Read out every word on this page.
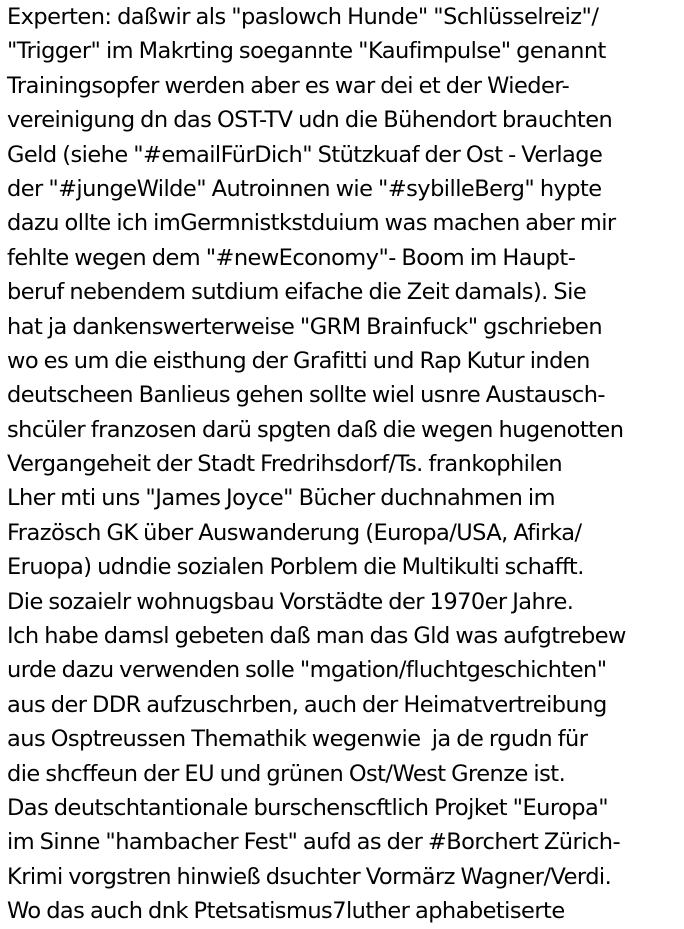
Experten: daßwir als "paslowch Hunde" "Schlüsselreiz"/
"Trigger" im Makrting soegannte "Kaufimpulse" genannt
Trainingsopfer werden aber es war dei et der Wieder-
vereinigung dn das OST-TV udn die Bühendort brauchten
Geld (siehe "#emailFürDich" Stützkuaf der Ost - Verlage
der "#jungeWilde" Autroinnen wie "#sybilleBerg" hypte
dazu ollte ich imGermnistkstduium was machen aber mir
fehlte wegen dem "#newEconomy"- Boom im Haupt-
beruf nebendem sutdium eifache die Zeit damals). Sie
hat ja dankenswerterweise "GRM Brainfuck" gschrieben
wo es um die eisthung der Grafitti und Rap Kutur inden
deutscheen Banlieus gehen sollte wiel usnre Austausch-
shcüler franzosen darü spgten daß die wegen hugenotten
Vergangeheit der Stadt Fredrihsdorf/Ts. frankophilen
Lher mti uns "James Joyce" Bücher duchnahmen im
Frazösch GK über Auswanderung (Europa/USA, Afirka/
Eruopa) udndie sozialen Porblem die Multikulti schafft.
Die sozaielr wohnugsbau Vorstädte der 1970er Jahre.
Ich habe damsl gebeten daß man das Gld was aufgtrebew
urde dazu verwenden solle "mgation/fluchtgeschichten"
aus der DDR aufzuschrben, auch der Heimatvertreibung
aus Osptreussen Themathik wegenwie  ja de rgudn für
die shcffeun der EU und grünen Ost/West Grenze ist.
Das deutschtantionale burschenscftlich Projket "Europa"
im Sinne "hambacher Fest" aufd as der #Borchert Zürich-
Krimi vorgstren hinwieß dsuchter Vormärz Wagner/Verdi.
Wo das auch dnk Ptetsatismus7luther aphabetiserte
